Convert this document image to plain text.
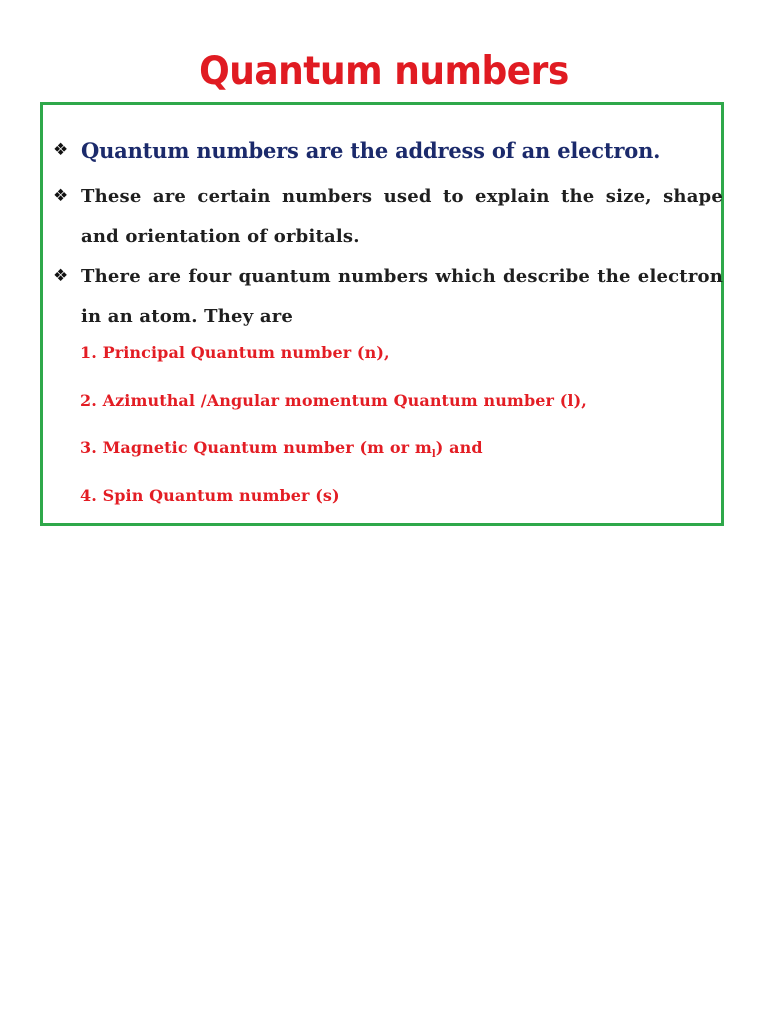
Quantum numbers
❖ Quantum numbers are the address of an electron.
❖ These are certain numbers used to explain the size, shape and orientation of orbitals.
❖ There are four quantum numbers which describe the electron in an atom. They are
1. Principal Quantum number (n),
2. Azimuthal /Angular momentum Quantum number (l),
3. Magnetic Quantum number (m or $m_l$) and
4. Spin Quantum number (s)
